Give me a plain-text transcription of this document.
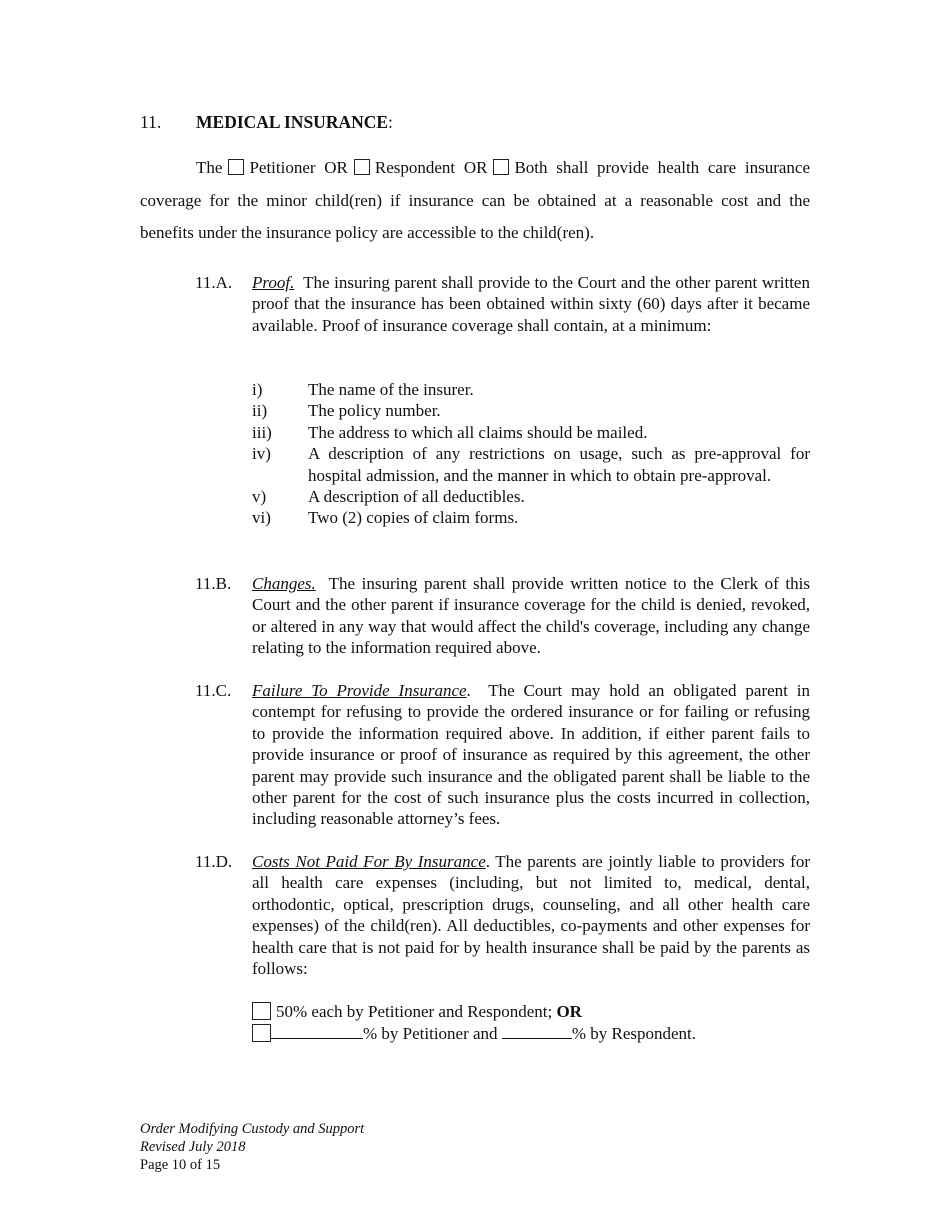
11. MEDICAL INSURANCE:
The Petitioner OR Respondent OR Both shall provide health care insurance coverage for the minor child(ren) if insurance can be obtained at a reasonable cost and the benefits under the insurance policy are accessible to the child(ren).
11.A.	Proof. The insuring parent shall provide to the Court and the other parent written proof that the insurance has been obtained within sixty (60) days after it became available. Proof of insurance coverage shall contain, at a minimum:
i)	The name of the insurer.
ii)	The policy number.
iii)	The address to which all claims should be mailed.
iv)	A description of any restrictions on usage, such as pre-approval for hospital admission, and the manner in which to obtain pre-approval.
v)	A description of all deductibles.
vi)	Two (2) copies of claim forms.
11.B.	Changes. The insuring parent shall provide written notice to the Clerk of this Court and the other parent if insurance coverage for the child is denied, revoked, or altered in any way that would affect the child's coverage, including any change relating to the information required above.
11.C.	Failure To Provide Insurance.  The Court may hold an obligated parent in contempt for refusing to provide the ordered insurance or for failing or refusing to provide the information required above. In addition, if either parent fails to provide insurance or proof of insurance as required by this agreement, the other parent may provide such insurance and the obligated parent shall be liable to the other parent for the cost of such insurance plus the costs incurred in collection, including reasonable attorney’s fees.
11.D.	Costs Not Paid For By Insurance. The parents are jointly liable to providers for all health care expenses (including, but not limited to, medical, dental, orthodontic, optical, prescription drugs, counseling, and all other health care expenses) of the child(ren). All deductibles, co-payments and other expenses for health care that is not paid for by health insurance shall be paid by the parents as follows:
50% each by Petitioner and Respondent; OR
% by Petitioner and	% by Respondent.
Order Modifying Custody and Support
Revised July 2018
Page 10 of 15
